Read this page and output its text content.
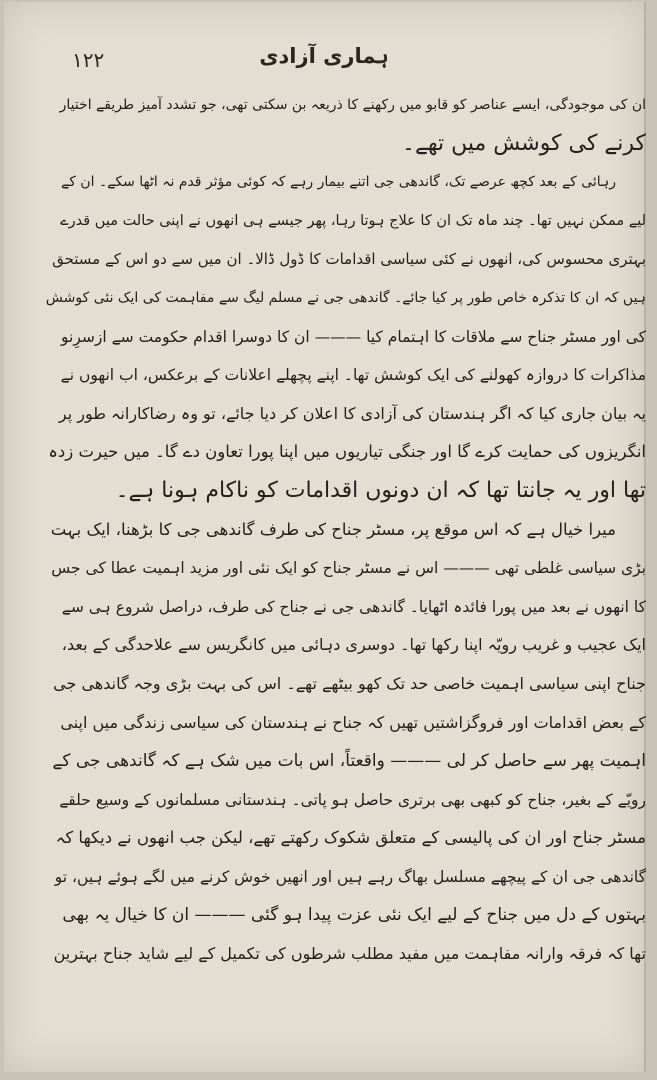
١٢٢	ہماری آزادی
ان کی موجودگی، ایسے عناصر کو قابو میں رکھنے کا ذریعہ بن سکتی تھی، جو تشدد آمیز طریقے اختیار
کرنے کی کوشش میں تھے۔
رہائی کے بعد کچھ عرصے تک، گاندھی جی اتنے بیمار رہے کہ کوئی مؤثر قدم نہ اٹھا سکے۔ ان کے
لیے ممکن نہیں تھا۔ چند ماہ تک ان کا علاج ہوتا رہا، پھر جیسے ہی انھوں نے اپنی حالت میں قدرے
بہتری محسوس کی، انھوں نے کئی سیاسی اقدامات کا ڈول ڈالا۔ ان میں سے دو اس کے مستحق
ہیں کہ ان کا تذکرہ خاص طور پر کیا جائے۔ گاندھی جی نے مسلم لیگ سے مفاہمت کی ایک نئی کوشش
کی اور مسٹر جناح سے ملاقات کا اہتمام کیا ——— ان کا دوسرا اقدام حکومت سے ازسرِنو
مذاکرات کا دروازہ کھولنے کی ایک کوشش تھا۔ اپنے پچھلے اعلانات کے برعکس، اب انھوں نے
یہ بیان جاری کیا کہ اگر ہندستان کی آزادی کا اعلان کر دیا جائے، تو وہ رضاکارانہ طور پر
انگریزوں کی حمایت کرے گا اور جنگی تیاریوں میں اپنا پورا تعاون دے گا۔ میں حیرت زدہ
تھا اور یہ جانتا تھا کہ ان دونوں اقدامات کو ناکام ہونا ہے۔
میرا خیال ہے کہ اس موقع پر، مسٹر جناح کی طرف گاندھی جی کا بڑھنا، ایک بہت
بڑی سیاسی غلطی تھی ——— اس نے مسٹر جناح کو ایک نئی اور مزید اہمیت عطا کی جس
کا انھوں نے بعد میں پورا فائدہ اٹھایا۔ گاندھی جی نے جناح کی طرف، دراصل شروع ہی سے
ایک عجیب و غریب رویّہ اپنا رکھا تھا۔ دوسری دہائی میں کانگریس سے علاحدگی کے بعد،
جناح اپنی سیاسی اہمیت خاصی حد تک کھو بیٹھے تھے۔ اس کی بہت بڑی وجہ گاندھی جی
کے بعض اقدامات اور فروگزاشتیں تھیں کہ جناح نے ہندستان کی سیاسی زندگی میں اپنی
اہمیت پھر سے حاصل کر لی ——— واقعتاً، اس بات میں شک ہے کہ گاندھی جی کے
رویّے کے بغیر، جناح کو کبھی بھی برتری حاصل ہو پاتی۔ ہندستانی مسلمانوں کے وسیع حلقے
مسٹر جناح اور ان کی پالیسی کے متعلق شکوک رکھتے تھے، لیکن جب انھوں نے دیکھا کہ
گاندھی جی ان کے پیچھے مسلسل بھاگ رہے ہیں اور انھیں خوش کرنے میں لگے ہوئے ہیں، تو
بہتوں کے دل میں جناح کے لیے ایک نئی عزت پیدا ہو گئی ——— ان کا خیال یہ بھی
تھا کہ فرقہ وارانہ مفاہمت میں مفید مطلب شرطوں کی تکمیل کے لیے شاید جناح بہترین
